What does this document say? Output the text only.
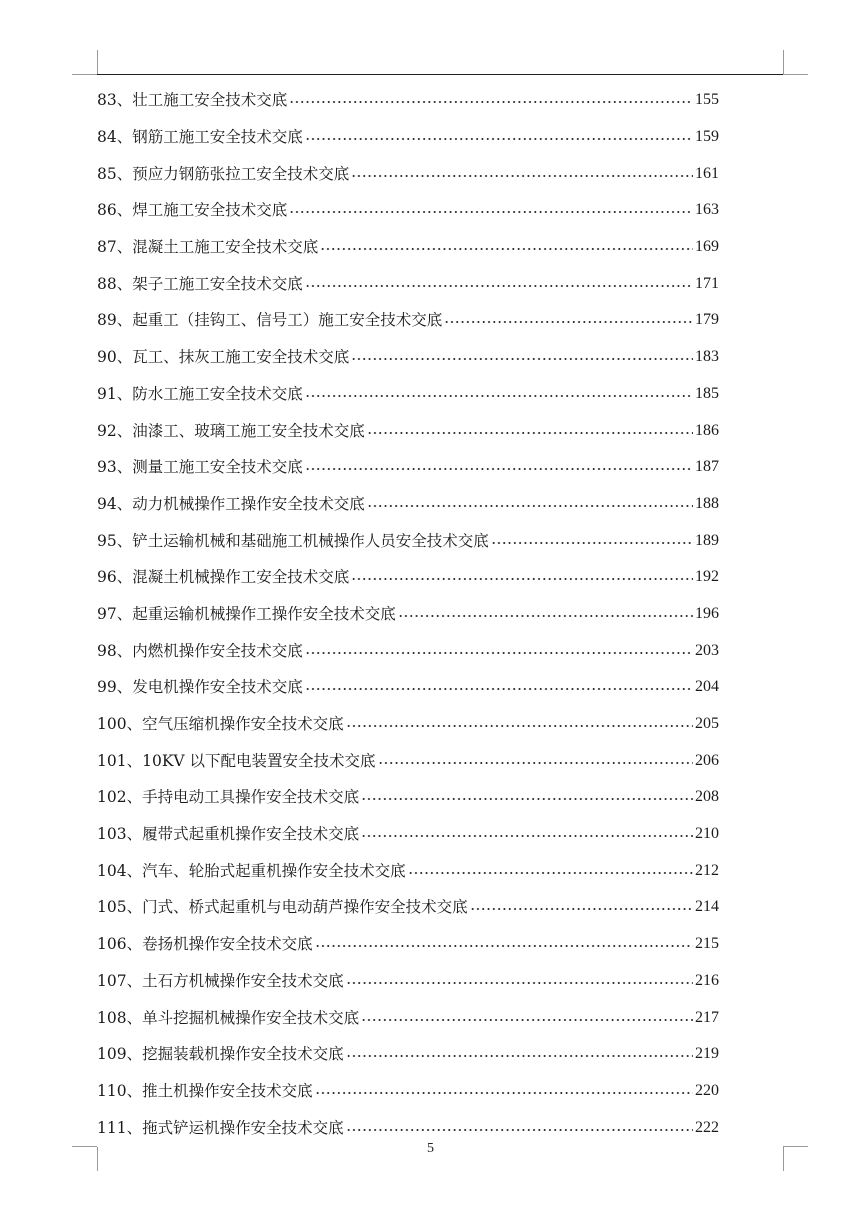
83 、 壮工施工安全技术交底	155
84 、 钢筋工施工安全技术交底	159
85 、 预应力钢筋张拉工安全技术交底	161
86 、 焊工施工安全技术交底	163
87 、 混凝土工施工安全技术交底	169
88 、 架子工施工安全技术交底	171
89 、 起重工（挂钩工、信号工）施工安全技术交底	179
90 、 瓦工、抹灰工施工安全技术交底	183
91 、 防水工施工安全技术交底	185
92 、 油漆工、玻璃工施工安全技术交底	186
93 、 测量工施工安全技术交底	187
94 、 动力机械操作工操作安全技术交底	188
95 、 铲土运输机械和基础施工机械操作人员安全技术交底	189
96 、 混凝土机械操作工安全技术交底	192
97 、 起重运输机械操作工操作安全技术交底	196
98 、 内燃机操作安全技术交底	203
99 、 发电机操作安全技术交底	204
100 、 空气压缩机操作安全技术交底	205
101 、 10KV 以下配电装置安全技术交底	206
102 、 手持电动工具操作安全技术交底	208
103 、 履带式起重机操作安全技术交底	210
104 、 汽车、轮胎式起重机操作安全技术交底	212
105 、 门式、桥式起重机与电动葫芦操作安全技术交底	214
106 、 卷扬机操作安全技术交底	215
107 、 土石方机械操作安全技术交底	216
108 、 单斗挖掘机械操作安全技术交底	217
109 、 挖掘装载机操作安全技术交底	219
110 、 推土机操作安全技术交底	220
111 、 拖式铲运机操作安全技术交底	222
5
